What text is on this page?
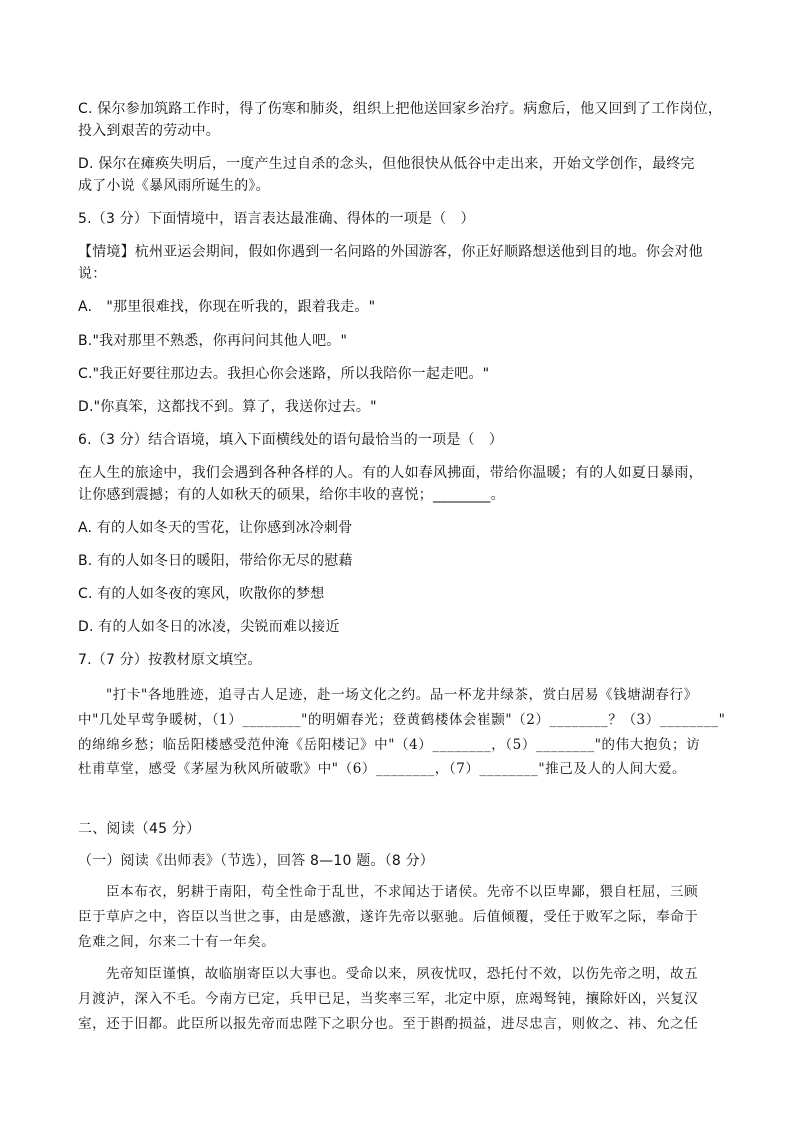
C. 保尔参加筑路工作时，得了伤寒和肺炎，组织上把他送回家乡治疗。病愈后，他又回到了工作岗位，
投入到艰苦的劳动中。
D. 保尔在瘫痪失明后，一度产生过自杀的念头，但他很快从低谷中走出来，开始文学创作，最终完
成了小说《暴风雨所诞生的》。
5.（3 分）下面情境中，语言表达最准确、得体的一项是（　）
【情境】杭州亚运会期间，假如你遇到一名问路的外国游客，你正好顺路想送他到目的地。你会对他
说：
A.　"那里很难找，你现在听我的，跟着我走。"
B."我对那里不熟悉，你再问问其他人吧。"
C."我正好要往那边去。我担心你会迷路，所以我陪你一起走吧。"
D."你真笨，这都找不到。算了，我送你过去。"
6.（3 分）结合语境，填入下面横线处的语句最恰当的一项是（　）
在人生的旅途中，我们会遇到各种各样的人。有的人如春风拂面，带给你温暖；有的人如夏日暴雨，
让你感到震撼；有的人如秋天的硕果，给你丰收的喜悦；________。
A. 有的人如冬天的雪花，让你感到冰冷刺骨
B. 有的人如冬日的暖阳，带给你无尽的慰藉
C. 有的人如冬夜的寒风，吹散你的梦想
D. 有的人如冬日的冰凌，尖锐而难以接近
7.（7 分）按教材原文填空。
"打卡"各地胜迹，追寻古人足迹，赴一场文化之约。品一杯龙井绿茶，赏白居易《钱塘湖春行》
中"几处早莺争暖树，（1）________"的明媚春光；登黄鹤楼体会崔颢"（2）________？（3）________"
的绵绵乡愁；临岳阳楼感受范仲淹《岳阳楼记》中"（4）________，（5）________"的伟大抱负；访
杜甫草堂，感受《茅屋为秋风所破歌》中"（6）________，（7）________"推己及人的人间大爱。
二、阅读（45 分）
（一）阅读《出师表》（节选），回答 8—10 题。（8 分）
臣本布衣，躬耕于南阳，苟全性命于乱世，不求闻达于诸侯。先帝不以臣卑鄙，猥自枉屈，三顾
臣于草庐之中，咨臣以当世之事，由是感激，遂许先帝以驱驰。后值倾覆，受任于败军之际，奉命于
危难之间，尔来二十有一年矣。
先帝知臣谨慎，故临崩寄臣以大事也。受命以来，夙夜忧叹，恐托付不效，以伤先帝之明，故五
月渡泸，深入不毛。今南方已定，兵甲已足，当奖率三军，北定中原，庶竭驽钝，攘除奸凶，兴复汉
室，还于旧都。此臣所以报先帝而忠陛下之职分也。至于斟酌损益，进尽忠言，则攸之、祎、允之任
